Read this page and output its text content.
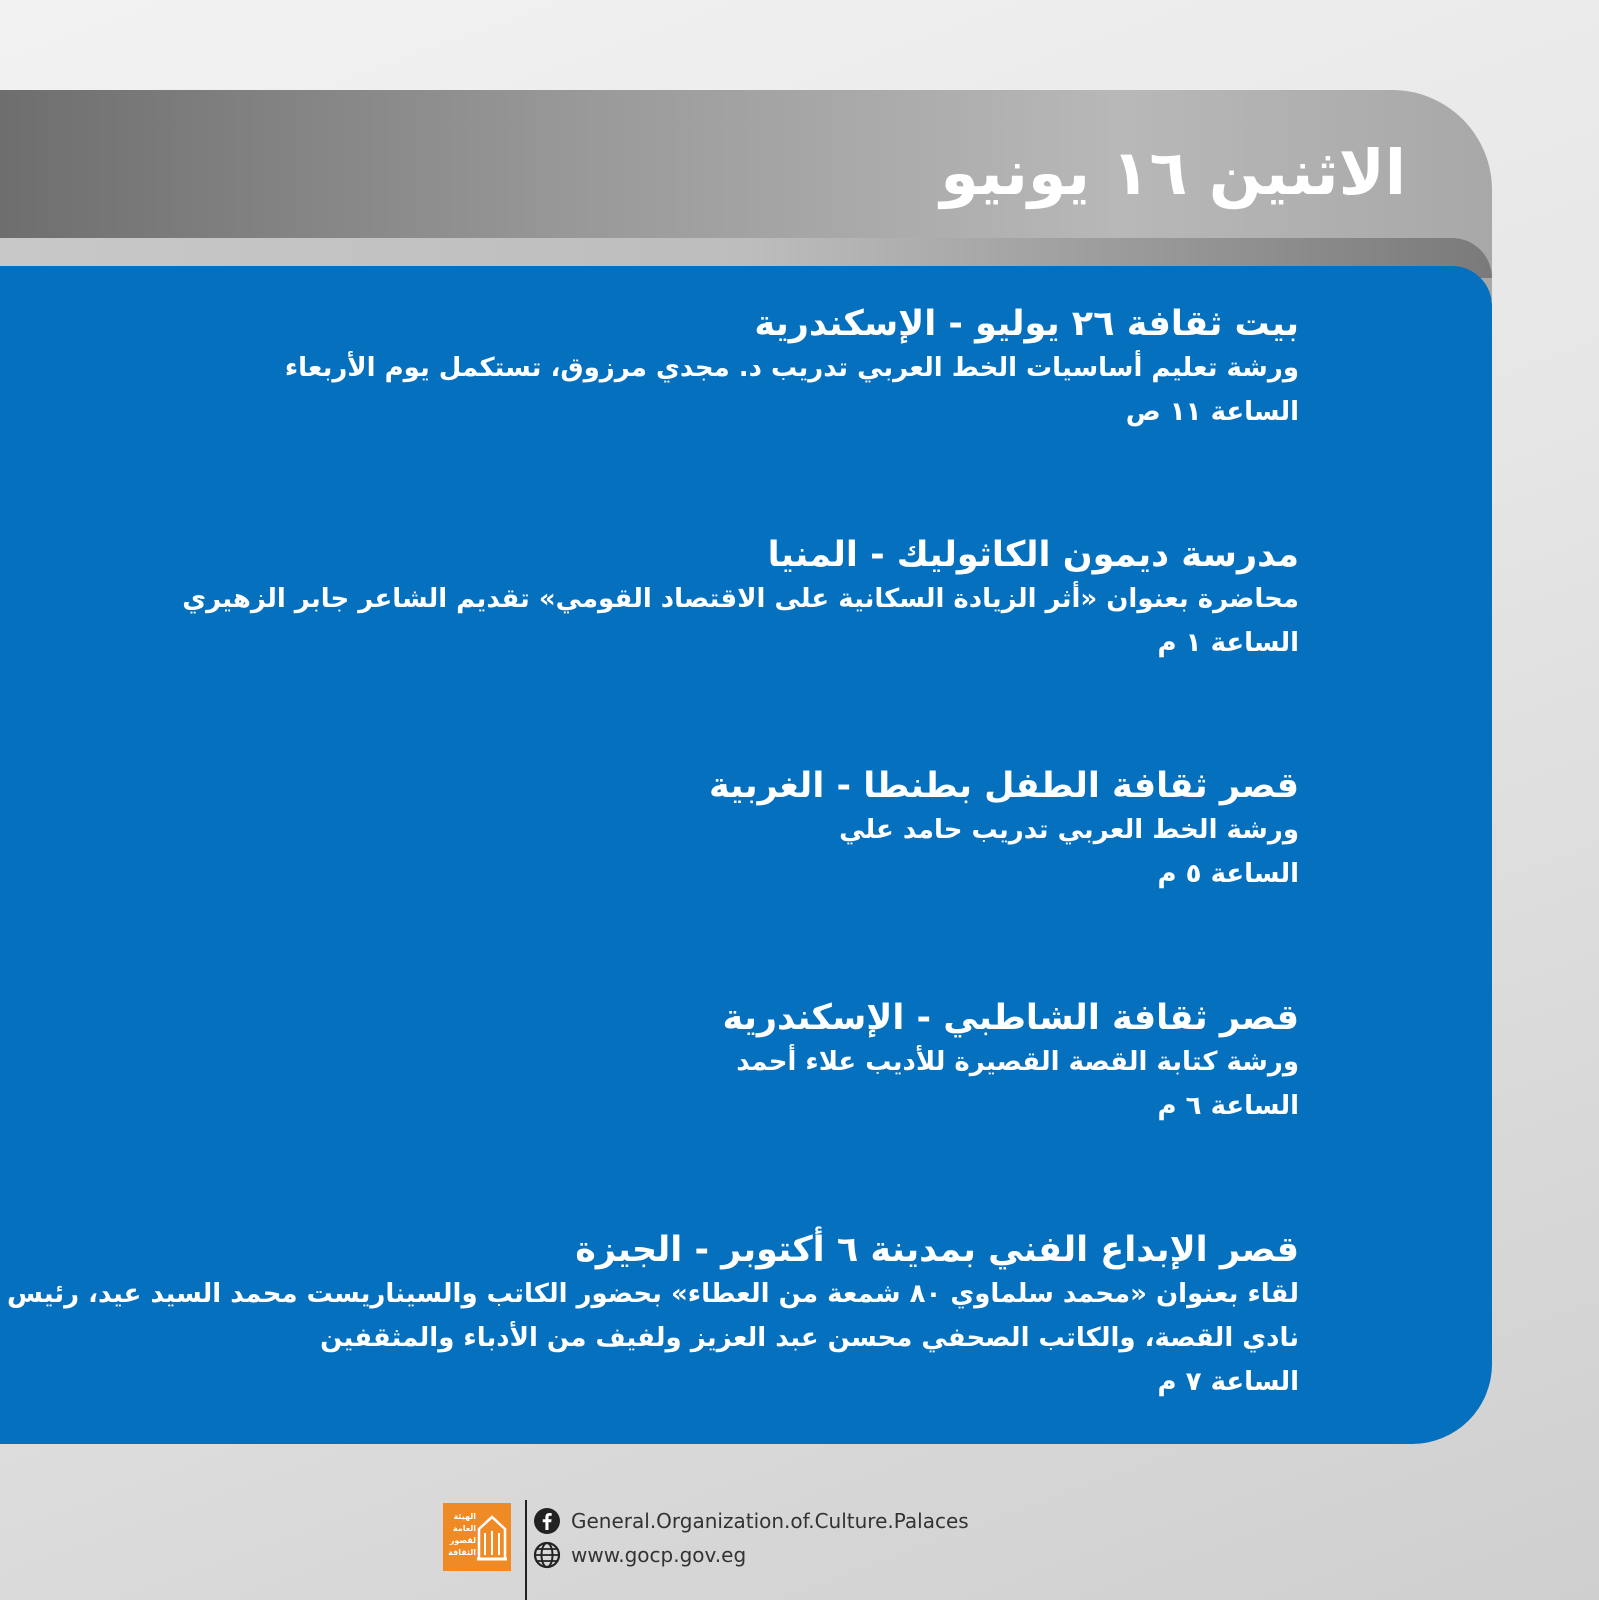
الاثنين ١٦ يونيو
بيت ثقافة ٢٦ يوليو - الإسكندرية
ورشة تعليم أساسيات الخط العربي تدريب د. مجدي مرزوق، تستكمل يوم الأربعاء
الساعة ١١ ص
مدرسة ديمون الكاثوليك - المنيا
محاضرة بعنوان «أثر الزيادة السكانية على الاقتصاد القومي» تقديم الشاعر جابر الزهيري
الساعة ١ م
قصر ثقافة الطفل بطنطا - الغربية
ورشة الخط العربي تدريب حامد علي
الساعة ٥ م
قصر ثقافة الشاطبي - الإسكندرية
ورشة كتابة القصة القصيرة للأديب علاء أحمد
الساعة ٦ م
قصر الإبداع الفني بمدينة ٦ أكتوبر - الجيزة
لقاء بعنوان «محمد سلماوي ٨٠ شمعة من العطاء» بحضور الكاتب والسيناريست محمد السيد عيد، رئيس نادي القصة، والكاتب الصحفي محسن عبد العزيز ولفيف من الأدباء والمثقفين
الساعة ٧ م
الهيئة
العامة
لقصور
الثقافة
General.Organization.of.Culture.Palaces
www.gocp.gov.eg
